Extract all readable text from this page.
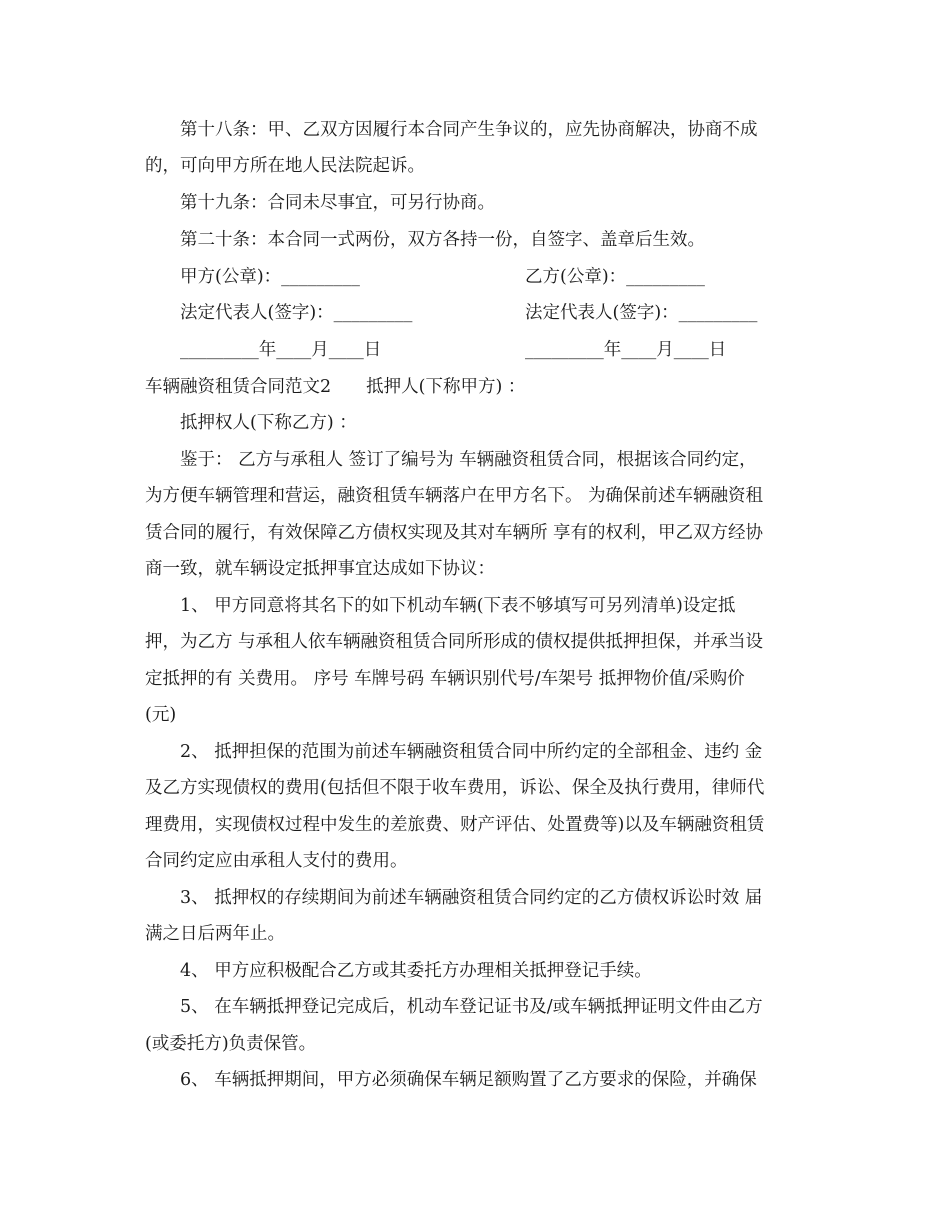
第十八条：甲、乙双方因履行本合同产生争议的，应先协商解决，协商不成
的，可向甲方所在地人民法院起诉。
第十九条：合同未尽事宜，可另行协商。
第二十条：本合同一式两份，双方各持一份，自签字、盖章后生效。
甲方(公章)：_________	乙方(公章)：_________
法定代表人(签字)：_________	法定代表人(签字)：_________
_________年____月____日	_________年____月____日
车辆融资租赁合同范文2　　抵押人(下称甲方) ：
抵押权人(下称乙方) ：
鉴于： 乙方与承租人 签订了编号为 车辆融资租赁合同，根据该合同约定，
为方便车辆管理和营运，融资租赁车辆落户在甲方名下。 为确保前述车辆融资租
赁合同的履行，有效保障乙方债权实现及其对车辆所 享有的权利，甲乙双方经协
商一致，就车辆设定抵押事宜达成如下协议：
1、 甲方同意将其名下的如下机动车辆(下表不够填写可另列清单)设定抵
押，为乙方 与承租人依车辆融资租赁合同所形成的债权提供抵押担保，并承当设
定抵押的有 关费用。 序号 车牌号码 车辆识别代号/车架号 抵押物价值/采购价
(元)
2、 抵押担保的范围为前述车辆融资租赁合同中所约定的全部租金、违约 金
及乙方实现债权的费用(包括但不限于收车费用，诉讼、保全及执行费用，律师代
理费用，实现债权过程中发生的差旅费、财产评估、处置费等)以及车辆融资租赁
合同约定应由承租人支付的费用。
3、 抵押权的存续期间为前述车辆融资租赁合同约定的乙方债权诉讼时效 届
满之日后两年止。
4、 甲方应积极配合乙方或其委托方办理相关抵押登记手续。
5、 在车辆抵押登记完成后，机动车登记证书及/或车辆抵押证明文件由乙方
(或委托方)负责保管。
6、 车辆抵押期间，甲方必须确保车辆足额购置了乙方要求的保险，并确保
